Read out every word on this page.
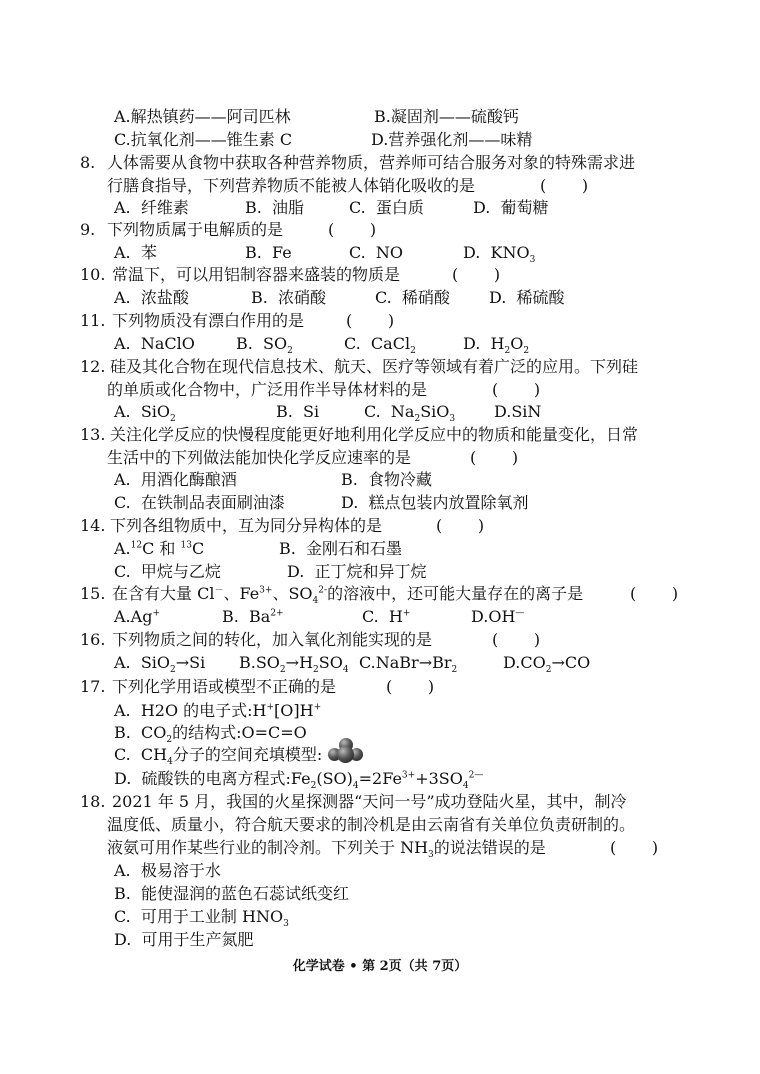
A.解热镇药——阿司匹林

	B.凝固剂——硫酸钙

C.抗氧化剂——锥生素 C

	D.营养强化剂——味精

8.

人体需要从食物中获取各种营养物质，营养师可结合服务对象的特殊需求进

行膳食指导，下列营养物质不能被人体销化吸收的是

	(       )

A.  纤维素

	B.  油脂

	C.  蛋白质

	D.  葡萄糖

9.

下列物质属于电解质的是

	(       )

A.  苯

	B.  Fe

	C.  NO

	D.  $KNO_3$

10.

常温下，可以用铝制容器来盛装的物质是

	(       )

A.  浓盐酸

	B.  浓硝酸

	C.  稀硝酸

D.  稀硫酸

11.

下列物质没有漂白作用的是

	(       )

A.  NaClO

	B.  $SO_2$

	C.  CaCl$_2$

	D.  $H_2O_2$

12.

硅及其化合物在现代信息技术、航天、医疗等领域有着广泛的应用。下列硅

的单质或化合物中，广泛用作半导体材料的是

	(       )

A.  SiO$_2$

	B.  Si

	C.  $Na_2SiO_3$

D.SiN

13.

关注化学反应的快慢程度能更好地利用化学反应中的物质和能量变化，日常

生活中的下列做法能加快化学反应速率的是

	(       )

A.  用酒化酶酿酒

	B.  食物冷藏

C.  在铁制品表面刷油漆

	D.  糕点包装内放置除氧剂

14.

下列各组物质中，互为同分异构体的是

	(       )

A.$^{12}$C 和 $^{13}$C

	B.  金刚石和石墨

C.  甲烷与乙烷

	D.  正丁烷和异丁烷

15.

在含有大量 Cl－、$Fe^{3+}$、$SO_4^{2-}$的溶液中，还可能大量存在的离子是

	(       )

A.Ag+

	B.  $Ba^{2+}$

	C.  H+

	D.OH—

16.

下列物质之间的转化，加入氧化剂能实现的是

	(       )

A.  SiO$_2$→Si

$B.SO_2\to H_2SO_4$

$C.NaBr\to Br_2$

	$D.CO_2\to CO$

17.

下列化学用语或模型不正确的是

	(       )

A.  H2O 的电子式:H+[O]H+

B.  $CO_2$的结构式:O=C=O

C.  $CH_4$分子的空间充填模型:

D.  硫酸铁的电离方程式$:Fe_2(SO)_4=2Fe^{3+}+3SO_4^{2—}$

18.

2021 年 5 月，我国的火星探测器“天问一号”成功登陆火星，其中，制冷

温度低、质量小，符合航天要求的制冷机是由云南省有关单位负责研制的。

液氨可用作某些行业的制冷剂。下列关于 $NH_3$的说法错误的是

	(       )

A.  极易溶于水

B.  能使湿润的蓝色石蕊试纸变红

C.  可用于工业制 $HNO_3$

D.  可用于生产氮肥

化学试卷 • 第 2页（共 7页）
